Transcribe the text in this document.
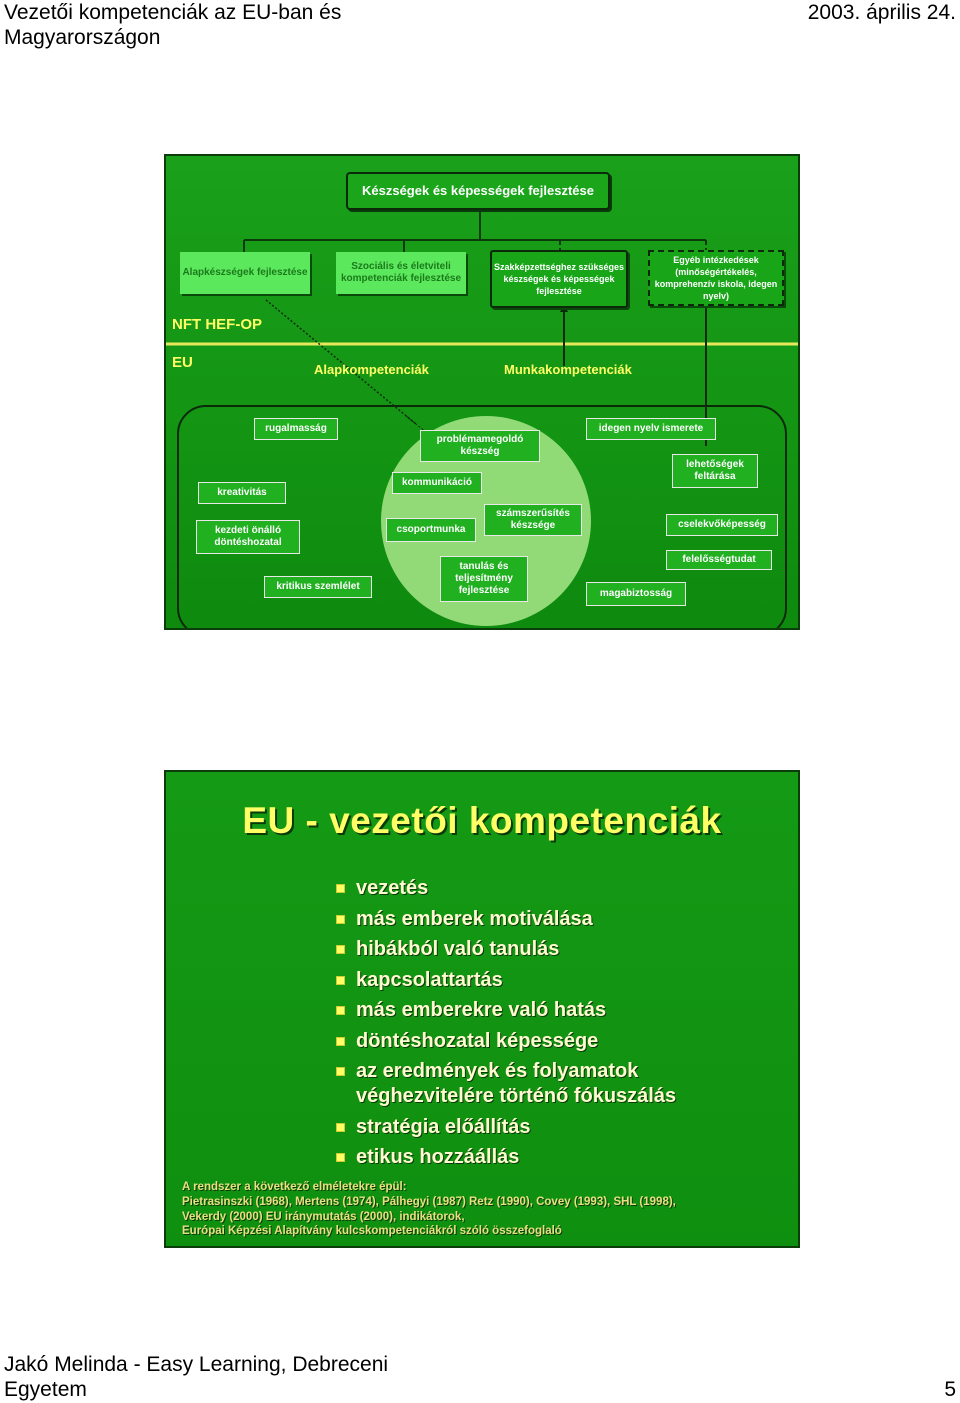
Vezetői kompetenciák az EU-ban és
Magyarországon
2003. április 24.
Készségek és képességek fejlesztése
Alapkészségek fejlesztése
Szociális és életviteli kompetenciák fejlesztése
Szakképzettséghez szükséges készségek és képességek fejlesztése
Egyéb intézkedések (minőségértékelés, komprehenzív iskola, idegen nyelv)
NFT HEF-OP
EU	Alapkompetenciák	Munkakompetenciák
rugalmasság
kreativitás
kezdeti önálló döntéshozatal
kritikus szemlélet
problémamegoldó készség
kommunikáció
csoportmunka
számszerűsítés készsége
tanulás és teljesítmény fejlesztése
idegen nyelv ismerete
lehetőségek feltárása
cselekvőképesség
felelősségtudat
magabiztosság
EU - vezetői kompetenciák
vezetés
más emberek motiválása
hibákból való tanulás
kapcsolattartás
más emberekre való hatás
döntéshozatal képessége
az eredmények és folyamatok véghezvitelére történő fókuszálás
stratégia előállítás
etikus hozzáállás
A rendszer a következő elméletekre épül:
Pietrasinszki (1968), Mertens (1974), Pálhegyi (1987) Retz (1990), Covey (1993), SHL (1998),
Vekerdy (2000) EU iránymutatás (2000), indikátorok,
Európai Képzési Alapítvány kulcskompetenciákról szóló összefoglaló
Jakó Melinda - Easy Learning, Debreceni
Egyetem	5
